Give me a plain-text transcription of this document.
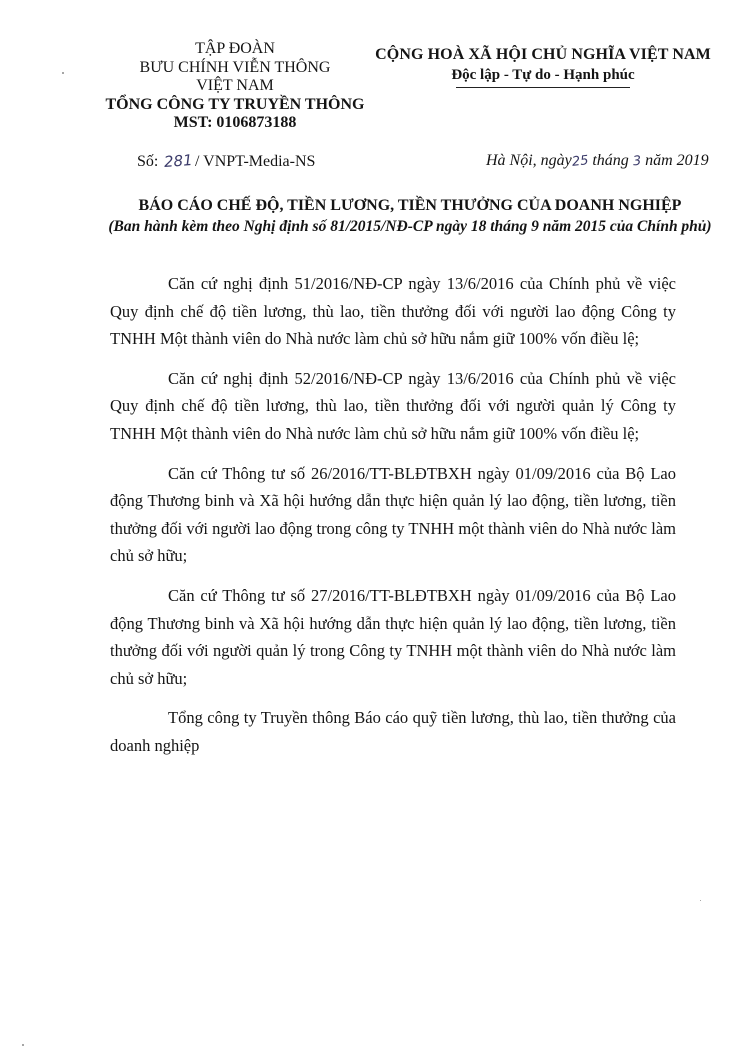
TẬP ĐOÀN
BƯU CHÍNH VIỄN THÔNG
VIỆT NAM
TỔNG CÔNG TY TRUYỀN THÔNG
MST: 0106873188
CỘNG HOÀ XÃ HỘI CHỦ NGHĨA VIỆT NAM
Độc lập - Tự do - Hạnh phúc
Số: 281/ VNPT-Media-NS	Hà Nội, ngày25 tháng 3 năm 2019
BÁO CÁO CHẾ ĐỘ, TIỀN LƯƠNG, TIỀN THƯỞNG CỦA DOANH NGHIỆP
(Ban hành kèm theo Nghị định số 81/2015/NĐ-CP ngày 18 tháng 9 năm 2015 của Chính phủ)

Căn cứ nghị định 51/2016/NĐ-CP ngày 13/6/2016 của Chính phủ về việc Quy định chế độ tiền lương, thù lao, tiền thưởng đối với người lao động Công ty TNHH Một thành viên do Nhà nước làm chủ sở hữu nắm giữ 100% vốn điều lệ;

Căn cứ nghị định 52/2016/NĐ-CP ngày 13/6/2016 của Chính phủ về việc Quy định chế độ tiền lương, thù lao, tiền thưởng đối với người quản lý Công ty TNHH Một thành viên do Nhà nước làm chủ sở hữu nắm giữ 100% vốn điều lệ;

Căn cứ Thông tư số 26/2016/TT-BLĐTBXH ngày 01/09/2016 của Bộ Lao động Thương binh và Xã hội hướng dẫn thực hiện quản lý lao động, tiền lương, tiền thưởng đối với người lao động trong công ty TNHH một thành viên do Nhà nước làm chủ sở hữu;

Căn cứ Thông tư số 27/2016/TT-BLĐTBXH ngày 01/09/2016 của Bộ Lao động Thương binh và Xã hội hướng dẫn thực hiện quản lý lao động, tiền lương, tiền thưởng đối với người quản lý trong Công ty TNHH một thành viên do Nhà nước làm chủ sở hữu;

Tổng công ty Truyền thông Báo cáo quỹ tiền lương, thù lao, tiền thưởng của doanh nghiệp
